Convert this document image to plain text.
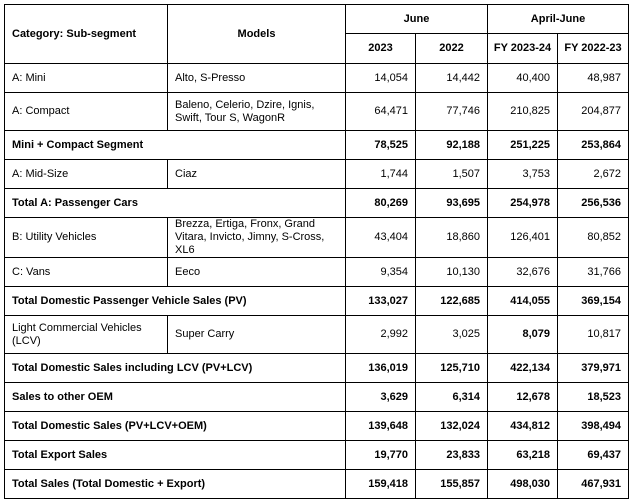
Category: Sub-segment	Models	June		April-June	
		2023	2022	FY 2023-24	FY 2022-23
A: Mini	Alto, S-Presso	14,054	14,442	40,400	48,987
A: Compact	Baleno, Celerio, Dzire, Ignis, Swift, Tour S, WagonR	64,471	77,746	210,825	204,877
Mini + Compact Segment		78,525	92,188	251,225	253,864
A: Mid-Size	Ciaz	1,744	1,507	3,753	2,672
Total A: Passenger Cars		80,269	93,695	254,978	256,536
B: Utility Vehicles	Brezza, Ertiga, Fronx, Grand Vitara, Invicto, Jimny, S-Cross, XL6	43,404	18,860	126,401	80,852
C: Vans	Eeco	9,354	10,130	32,676	31,766
Total Domestic Passenger Vehicle Sales (PV)		133,027	122,685	414,055	369,154
Light Commercial Vehicles (LCV)	Super Carry	2,992	3,025	8,079	10,817
Total Domestic Sales including LCV (PV+LCV)		136,019	125,710	422,134	379,971
Sales to other OEM		3,629	6,314	12,678	18,523
Total Domestic Sales (PV+LCV+OEM)		139,648	132,024	434,812	398,494
Total Export Sales		19,770	23,833	63,218	69,437
Total Sales (Total Domestic + Export)		159,418	155,857	498,030	467,931
